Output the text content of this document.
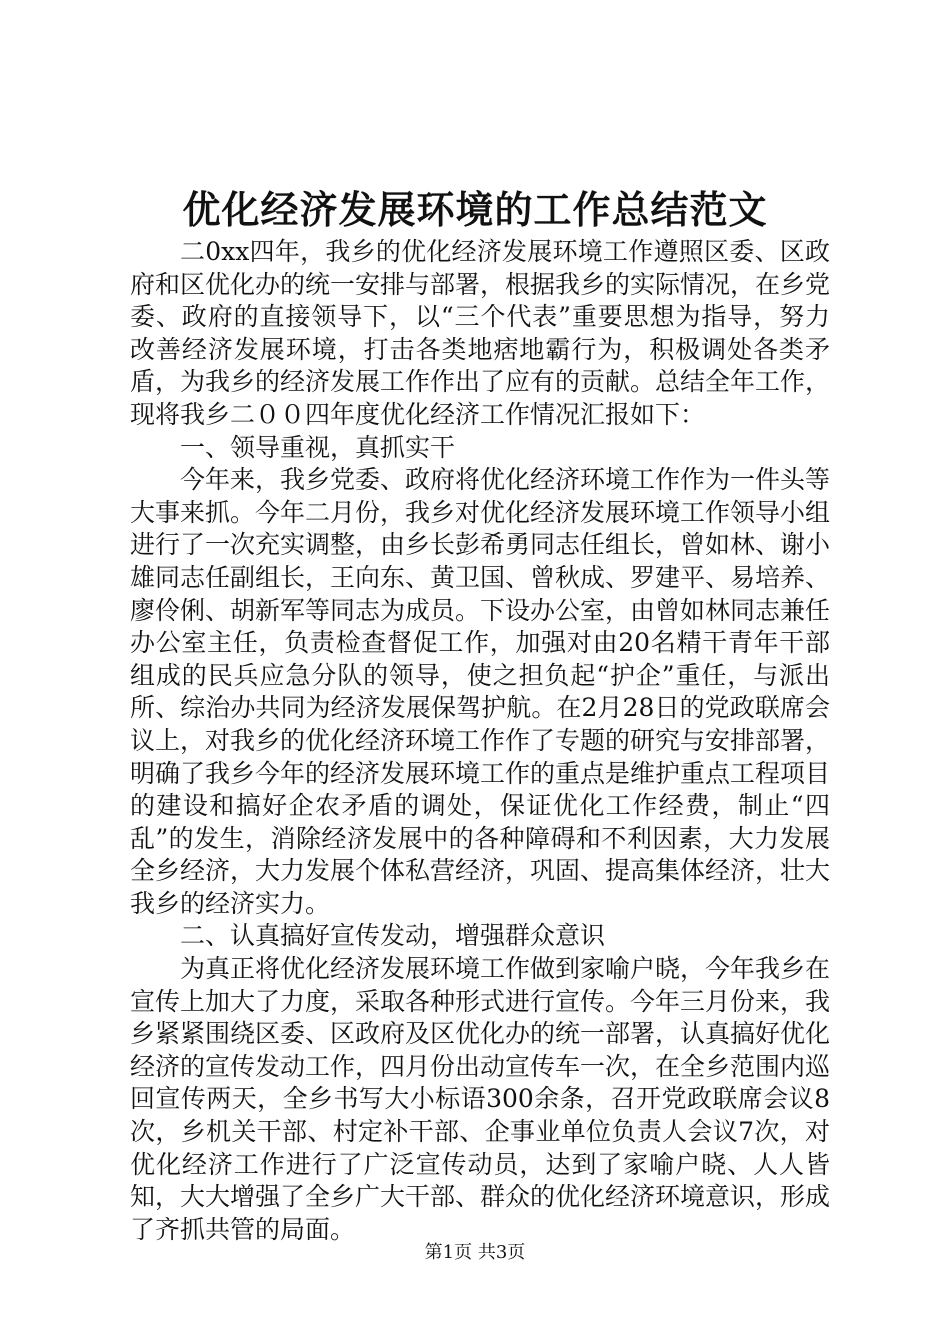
优化经济发展环境的工作总结范文

二0xx四年，我乡的优化经济发展环境工作遵照区委、区政府和区优化办的统一安排与部署，根据我乡的实际情况，在乡党委、政府的直接领导下，以“三个代表”重要思想为指导，努力改善经济发展环境，打击各类地痞地霸行为，积极调处各类矛盾，为我乡的经济发展工作作出了应有的贡献。总结全年工作，现将我乡二００四年度优化经济工作情况汇报如下：

一、领导重视，真抓实干

今年来，我乡党委、政府将优化经济环境工作作为一件头等大事来抓。今年二月份，我乡对优化经济发展环境工作领导小组进行了一次充实调整，由乡长彭希勇同志任组长，曾如林、谢小雄同志任副组长，王向东、黄卫国、曾秋成、罗建平、易培养、廖伶俐、胡新军等同志为成员。下设办公室，由曾如林同志兼任办公室主任，负责检查督促工作，加强对由20名精干青年干部组成的民兵应急分队的领导，使之担负起“护企”重任，与派出所、综治办共同为经济发展保驾护航。在2月28日的党政联席会议上，对我乡的优化经济环境工作作了专题的研究与安排部署，明确了我乡今年的经济发展环境工作的重点是维护重点工程项目的建设和搞好企农矛盾的调处，保证优化工作经费，制止“四乱”的发生，消除经济发展中的各种障碍和不利因素，大力发展全乡经济，大力发展个体私营经济，巩固、提高集体经济，壮大我乡的经济实力。

二、认真搞好宣传发动，增强群众意识

为真正将优化经济发展环境工作做到家喻户晓，今年我乡在宣传上加大了力度，采取各种形式进行宣传。今年三月份来，我乡紧紧围绕区委、区政府及区优化办的统一部署，认真搞好优化经济的宣传发动工作，四月份出动宣传车一次，在全乡范围内巡回宣传两天，全乡书写大小标语300余条，召开党政联席会议8次，乡机关干部、村定补干部、企事业单位负责人会议7次，对优化经济工作进行了广泛宣传动员，达到了家喻户晓、人人皆知，大大增强了全乡广大干部、群众的优化经济环境意识，形成了齐抓共管的局面。

第1页 共3页
